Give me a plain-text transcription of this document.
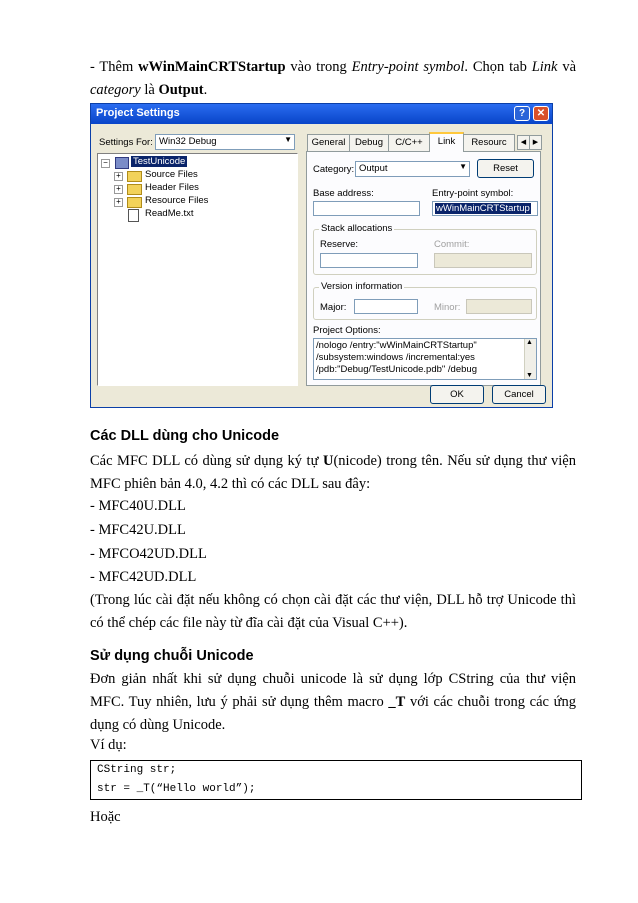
- Thêm wWinMainCRTStartup vào trong Entry-point symbol. Chọn tab Link và category là Output.
Project Settings	?	✕
Settings For: Win32 Debug	▼
−	TestUnicode
+	Source Files
+	Header Files
+	Resource Files
ReadMe.txt
General	Debug	C/C++	Link	Resourc	◀ ▶
Category: Output	▼	Reset
Base address:	Entry-point symbol:
wWinMainCRTStartup
Stack allocations
Reserve:	Commit:
Version information
Major:	Minor:
Project Options:
/nologo /entry:"wWinMainCRTStartup"
/subsystem:windows /incremental:yes
/pdb:"Debug/TestUnicode.pdb" /debug
▲
▼
OK	Cancel
Các DLL dùng cho Unicode
Các MFC DLL có dùng sử dụng ký tự U(nicode) trong tên. Nếu sử dụng thư viện MFC phiên bản 4.0, 4.2 thì có các DLL sau đây:
- MFC40U.DLL
- MFC42U.DLL
- MFCO42UD.DLL
- MFC42UD.DLL
(Trong lúc cài đặt nếu không có chọn cài đặt các thư viện, DLL hỗ trợ Unicode thì có thể chép các file này từ đĩa cài đặt của Visual C++).
Sử dụng chuỗi Unicode
Đơn giản nhất khi sử dụng chuỗi unicode là sử dụng lớp CString của thư viện MFC. Tuy nhiên, lưu ý phải sử dụng thêm macro _T với các chuỗi trong các ứng dụng có dùng Unicode.
Ví dụ:
CString str;
str = _T(“Hello world”);
Hoặc
